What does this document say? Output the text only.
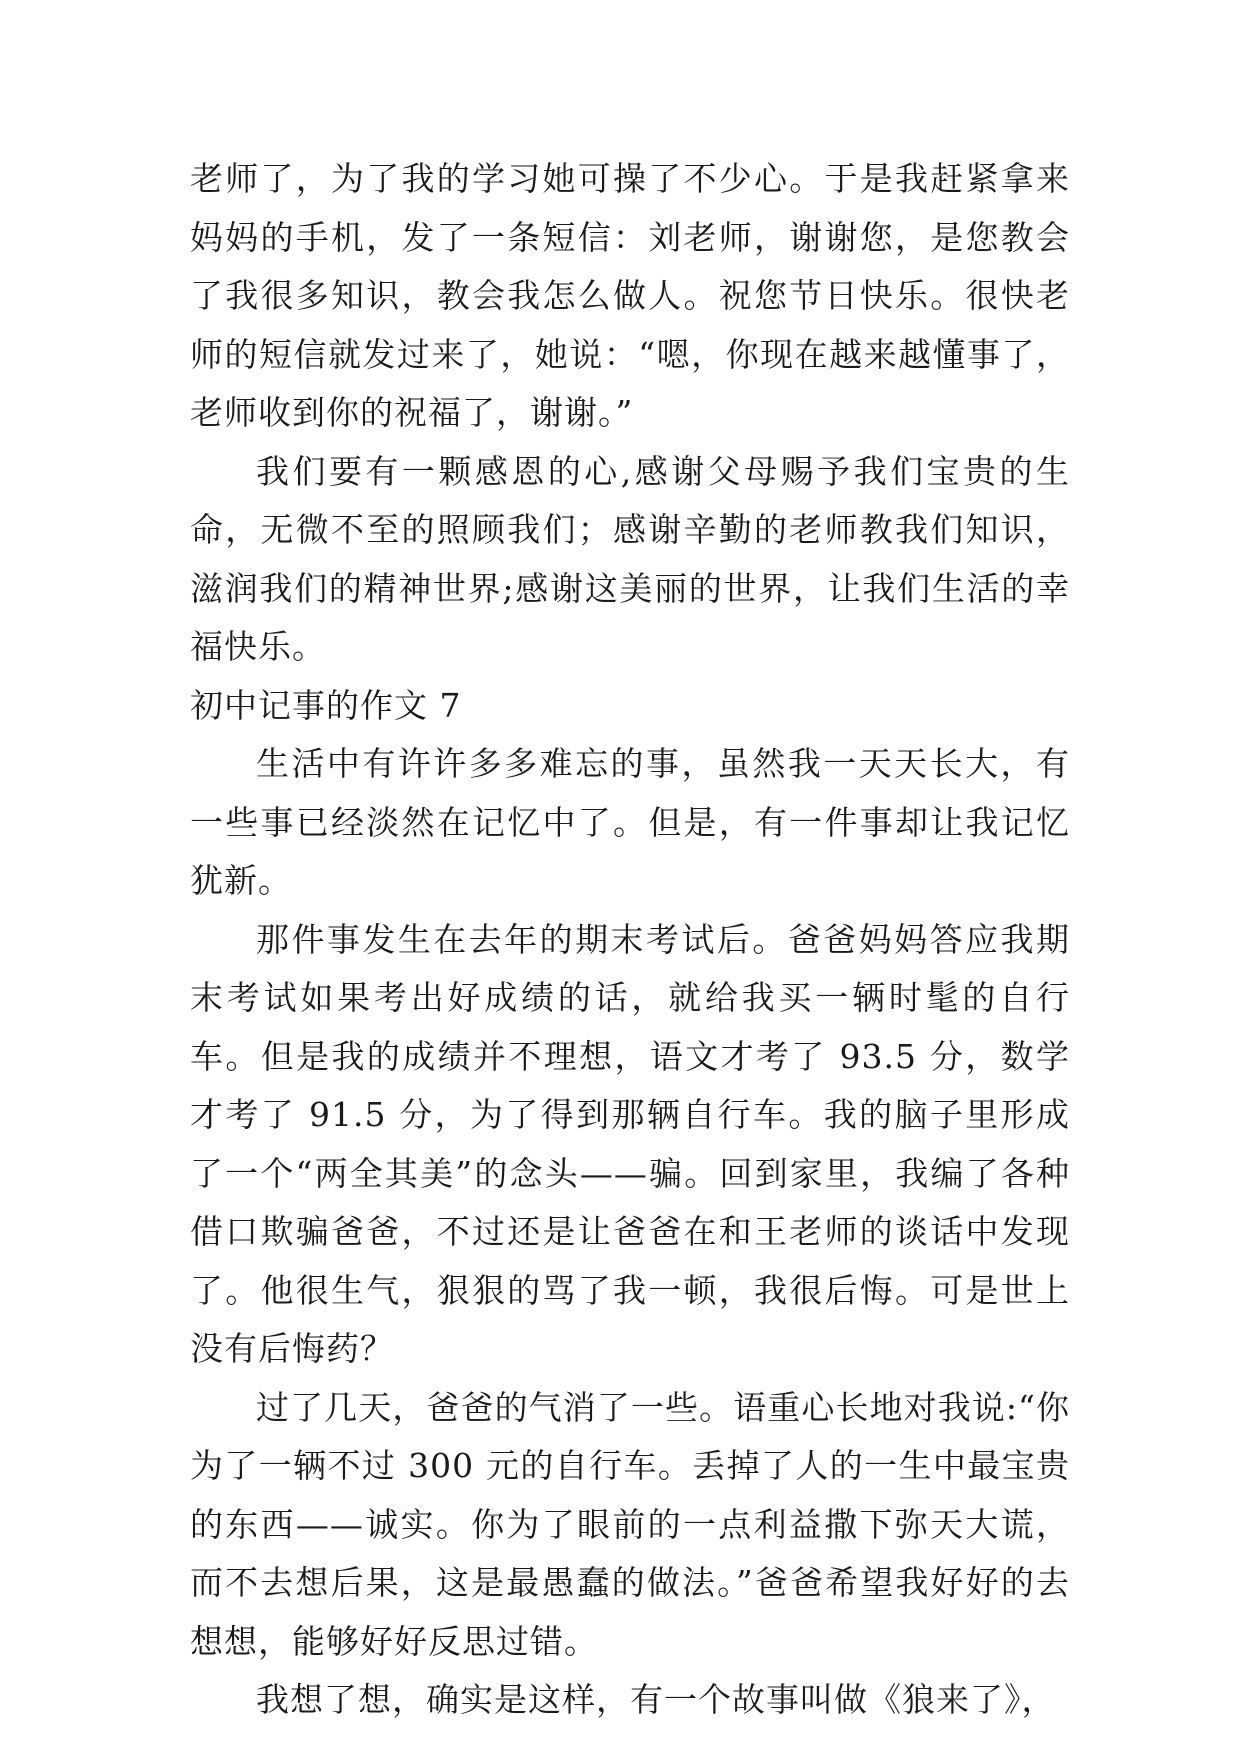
老师了，为了我的学习她可操了不少心。于是我赶紧拿来妈妈的手机，发了一条短信：刘老师，谢谢您，是您教会了我很多知识，教会我怎么做人。祝您节日快乐。很快老师的短信就发过来了，她说：“嗯，你现在越来越懂事了，老师收到你的祝福了，谢谢。”

我们要有一颗感恩的心,感谢父母赐予我们宝贵的生命，无微不至的照顾我们；感谢辛勤的老师教我们知识，滋润我们的精神世界;感谢这美丽的世界，让我们生活的幸福快乐。

初中记事的作文 7

生活中有许许多多难忘的事，虽然我一天天长大，有一些事已经淡然在记忆中了。但是，有一件事却让我记忆犹新。

那件事发生在去年的期末考试后。爸爸妈妈答应我期末考试如果考出好成绩的话，就给我买一辆时髦的自行车。但是我的成绩并不理想，语文才考了 93.5 分，数学才考了 91.5 分，为了得到那辆自行车。我的脑子里形成了一个“两全其美”的念头——骗。回到家里，我编了各种借口欺骗爸爸，不过还是让爸爸在和王老师的谈话中发现了。他很生气，狠狠的骂了我一顿，我很后悔。可是世上没有后悔药？

过了几天，爸爸的气消了一些。语重心长地对我说:“你为了一辆不过 300 元的自行车。丢掉了人的一生中最宝贵的东西——诚实。你为了眼前的一点利益撒下弥天大谎，而不去想后果，这是最愚蠢的做法。”爸爸希望我好好的去想想，能够好好反思过错。

我想了想，确实是这样，有一个故事叫做《狼来了》，
